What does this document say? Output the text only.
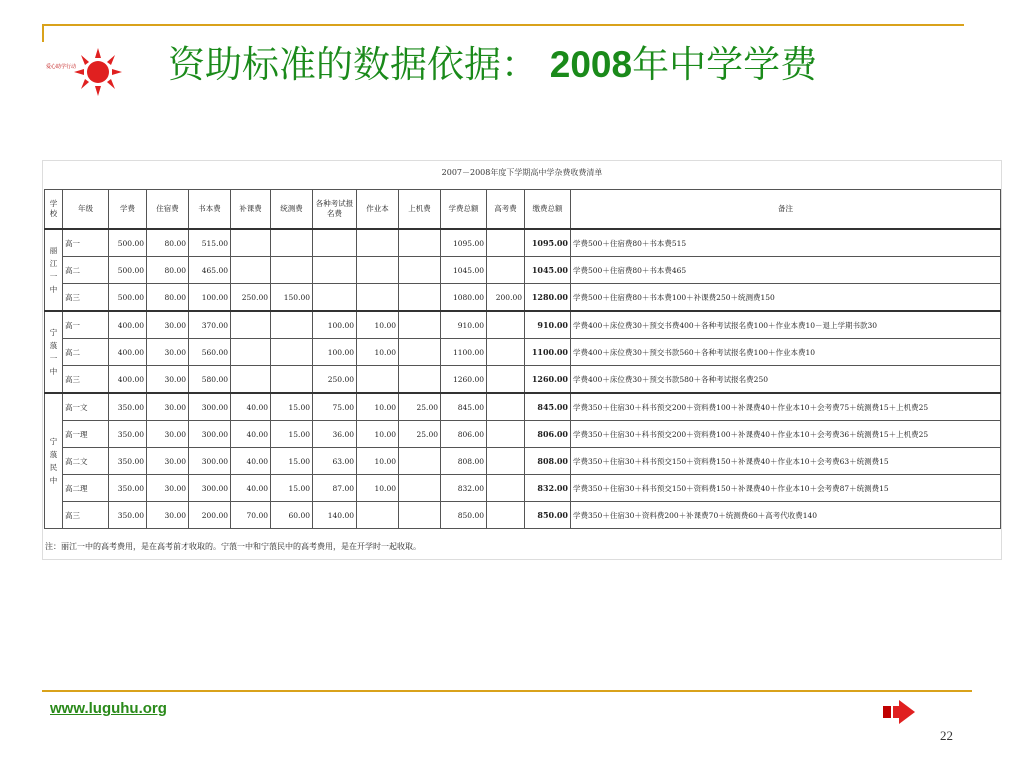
爱心助学行动 资助标准的数据依据： 2008年中学学费
2007－2008年度下学期高中学杂费收费清单
学校	年级	学费	住宿费	书本费	补课费	统测费	各种考试报名费	作业本	上机费	学费总额	高考费	缴费总额	备注
丽江一中	高一	500.00	80.00	515.00						1095.00		1095.00	学费500＋住宿费80＋书本费515
	高二	500.00	80.00	465.00						1045.00		1045.00	学费500＋住宿费80＋书本费465
	高三	500.00	80.00	100.00	250.00	150.00				1080.00	200.00	1280.00	学费500＋住宿费80＋书本费100＋补课费250＋统测费150
宁蒗一中	高一	400.00	30.00	370.00			100.00	10.00		910.00		910.00	学费400＋床位费30＋预交书费400＋各种考试报名费100＋作业本费10－退上学期书款30
	高二	400.00	30.00	560.00			100.00	10.00		1100.00		1100.00	学费400＋床位费30＋预交书款560＋各种考试报名费100＋作业本费10
	高三	400.00	30.00	580.00			250.00			1260.00		1260.00	学费400＋床位费30＋预交书款580＋各种考试报名费250
宁蒗民中	高一文	350.00	30.00	300.00	40.00	15.00	75.00	10.00	25.00	845.00		845.00	学费350＋住宿30＋科书预交200＋资料费100＋补课费40＋作业本10＋会考费75＋统测费15＋上机费25
	高一理	350.00	30.00	300.00	40.00	15.00	36.00	10.00	25.00	806.00		806.00	学费350＋住宿30＋科书预交200＋资料费100＋补课费40＋作业本10＋会考费36＋统测费15＋上机费25
	高二文	350.00	30.00	300.00	40.00	15.00	63.00	10.00		808.00		808.00	学费350＋住宿30＋科书预交150＋资料费150＋补课费40＋作业本10＋会考费63＋统测费15
	高二理	350.00	30.00	300.00	40.00	15.00	87.00	10.00		832.00		832.00	学费350＋住宿30＋科书预交150＋资料费150＋补课费40＋作业本10＋会考费87＋统测费15
	高三	350.00	30.00	200.00	70.00	60.00	140.00			850.00		850.00	学费350＋住宿30＋资料费200＋补课费70＋统测费60＋高考代收费140
注：丽江一中的高考费用，是在高考前才收取的。宁蒗一中和宁蒗民中的高考费用，是在开学时一起收取。
www.luguhu.org
22
